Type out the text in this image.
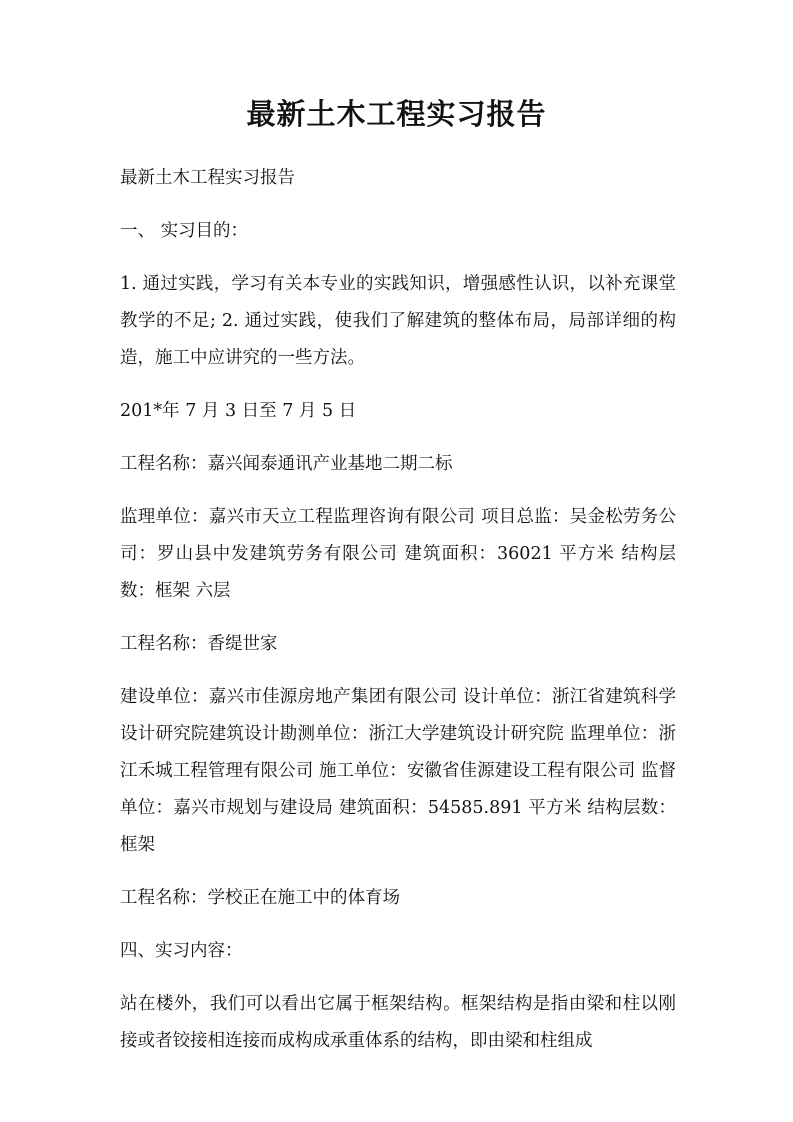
最新土木工程实习报告

最新土木工程实习报告

一、 实习目的：

1. 通过实践，学习有关本专业的实践知识，增强感性认识，以补充课堂教学的不足; 2. 通过实践，使我们了解建筑的整体布局，局部详细的构造，施工中应讲究的一些方法。

201*年 7 月 3 日至 7 月 5 日

工程名称：嘉兴闻泰通讯产业基地二期二标

监理单位：嘉兴市天立工程监理咨询有限公司 项目总监：吴金松劳务公司：罗山县中发建筑劳务有限公司 建筑面积：36021 平方米 结构层数：框架 六层

工程名称：香缇世家

建设单位：嘉兴市佳源房地产集团有限公司 设计单位：浙江省建筑科学设计研究院建筑设计勘测单位：浙江大学建筑设计研究院 监理单位：浙江禾城工程管理有限公司 施工单位：安徽省佳源建设工程有限公司 监督单位：嘉兴市规划与建设局 建筑面积：54585.891 平方米 结构层数：框架

工程名称：学校正在施工中的体育场

四、实习内容：

站在楼外，我们可以看出它属于框架结构。框架结构是指由梁和柱以刚接或者铰接相连接而成构成承重体系的结构，即由梁和柱组成
